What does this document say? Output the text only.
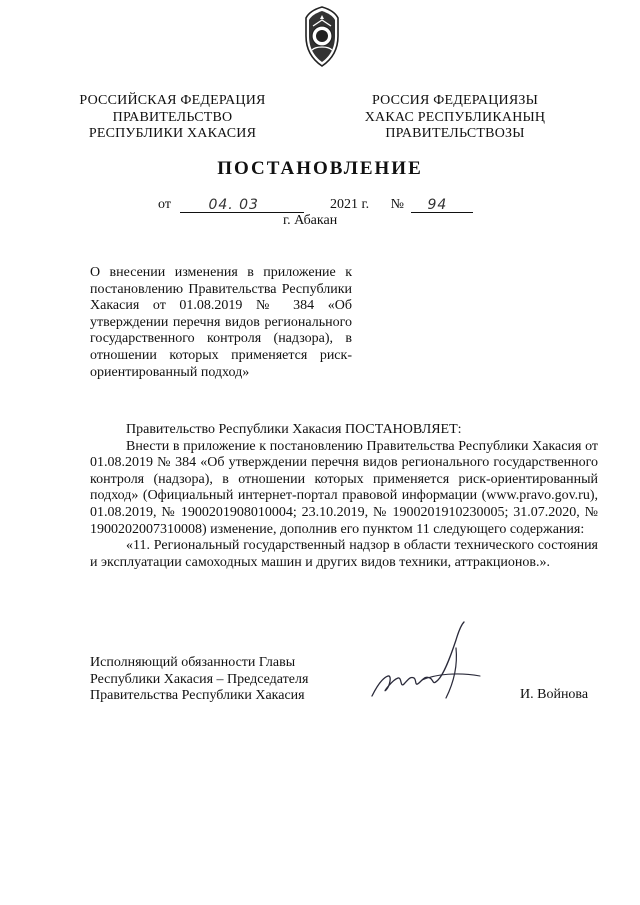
РОССИЙСКАЯ ФЕДЕРАЦИЯ
ПРАВИТЕЛЬСТВО
РЕСПУБЛИКИ ХАКАСИЯ
РОССИЯ ФЕДЕРАЦИЯЗЫ
ХАКАС РЕСПУБЛИКАНЫҢ
ПРАВИТЕЛЬСТВОЗЫ
ПОСТАНОВЛЕНИЕ
от	04. 03	2021 г. № 94
г. Абакан
О внесении изменения в приложение к постановлению Правительства Республики Хакасия от 01.08.2019 № 384 «Об утверждении перечня видов регионального государственного контроля (надзора), в отношении которых применяется риск-ориентированный подход»

Правительство Республики Хакасия ПОСТАНОВЛЯЕТ:

Внести в приложение к постановлению Правительства Республики Хакасия от 01.08.2019 № 384 «Об утверждении перечня видов регионального государственного контроля (надзора), в отношении которых применяется риск-ориентированный подход» (Официальный интернет-портал правовой информации (www.pravo.gov.ru), 01.08.2019, № 1900201908010004; 23.10.2019, № 1900201910230005; 31.07.2020, № 1900202007310008) изменение, дополнив его пунктом 11 следующего содержания:

«11. Региональный государственный надзор в области технического состояния и эксплуатации самоходных машин и других видов техники, аттракционов.».

Исполняющий обязанности Главы
Республики Хакасия – Председателя
Правительства Республики Хакасия	И. Войнова
